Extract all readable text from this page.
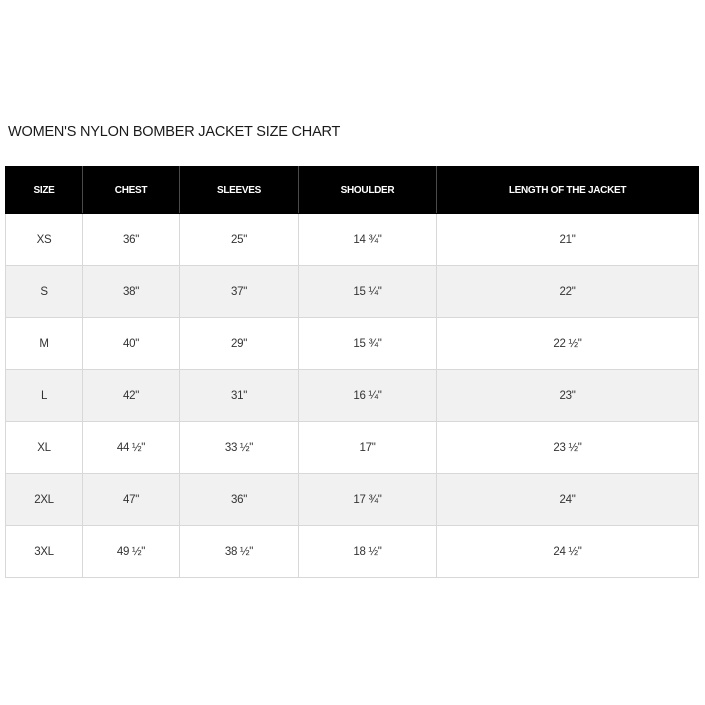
WOMEN'S NYLON BOMBER JACKET SIZE CHART
SIZE	CHEST	SLEEVES	SHOULDER	LENGTH OF THE JACKET
XS	36"	25"	14 ¾"	21"
S	38"	37"	15 ¼"	22"
M	40"	29"	15 ¾"	22 ½"
L	42"	31"	16 ¼"	23"
XL	44 ½"	33 ½"	17"	23 ½"
2XL	47"	36"	17 ¾"	24"
3XL	49 ½"	38 ½"	18 ½"	24 ½"
